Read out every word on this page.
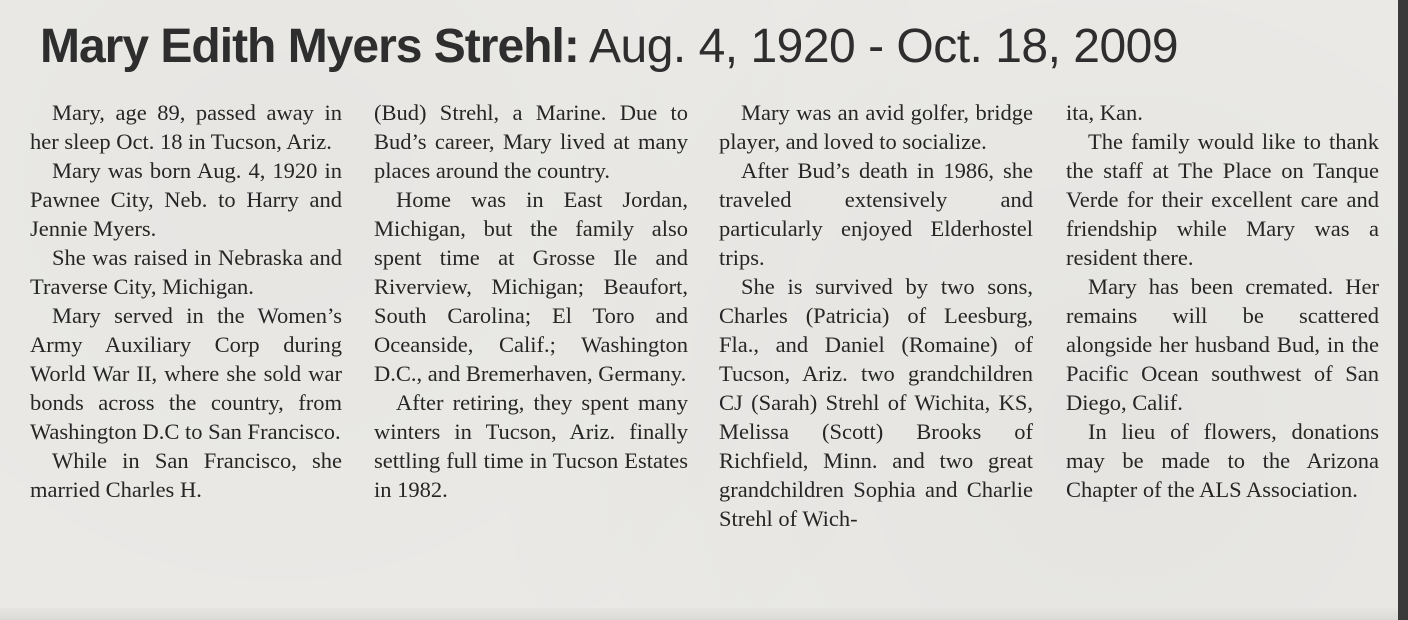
Mary Edith Myers Strehl: Aug. 4, 1920 - Oct. 18, 2009

Mary, age 89, passed away in her sleep Oct. 18 in Tucson, Ariz.

Mary was born Aug. 4, 1920 in Pawnee City, Neb. to Harry and Jennie Myers.

She was raised in Nebraska and Traverse City, Michigan.

Mary served in the Women’s Army Auxiliary Corp during World War II, where she sold war bonds across the country, from Washington D.C to San Francisco.

While in San Francisco, she married Charles H.

(Bud) Strehl, a Marine. Due to Bud’s career, Mary lived at many places around the country.

Home was in East Jordan, Michigan, but the family also spent time at Grosse Ile and Riverview, Michigan; Beaufort, South Carolina; El Toro and Oceanside, Calif.; Washington D.C., and Bremerhaven, Germany.

After retiring, they spent many winters in Tucson, Ariz. finally settling full time in Tucson Estates in 1982.

Mary was an avid golfer, bridge player, and loved to socialize.

After Bud’s death in 1986, she traveled extensively and particularly enjoyed Elderhostel trips.

She is survived by two sons, Charles (Patricia) of Leesburg, Fla., and Daniel (Romaine) of Tucson, Ariz. two grandchildren CJ (Sarah) Strehl of Wichita, KS, Melissa (Scott) Brooks of Richfield, Minn. and two great grandchildren Sophia and Charlie Strehl of Wich-

ita, Kan.

The family would like to thank the staff at The Place on Tanque Verde for their excellent care and friendship while Mary was a resident there.

Mary has been cremated. Her remains will be scattered alongside her husband Bud, in the Pacific Ocean southwest of San Diego, Calif.

In lieu of flowers, donations may be made to the Arizona Chapter of the ALS Association.
